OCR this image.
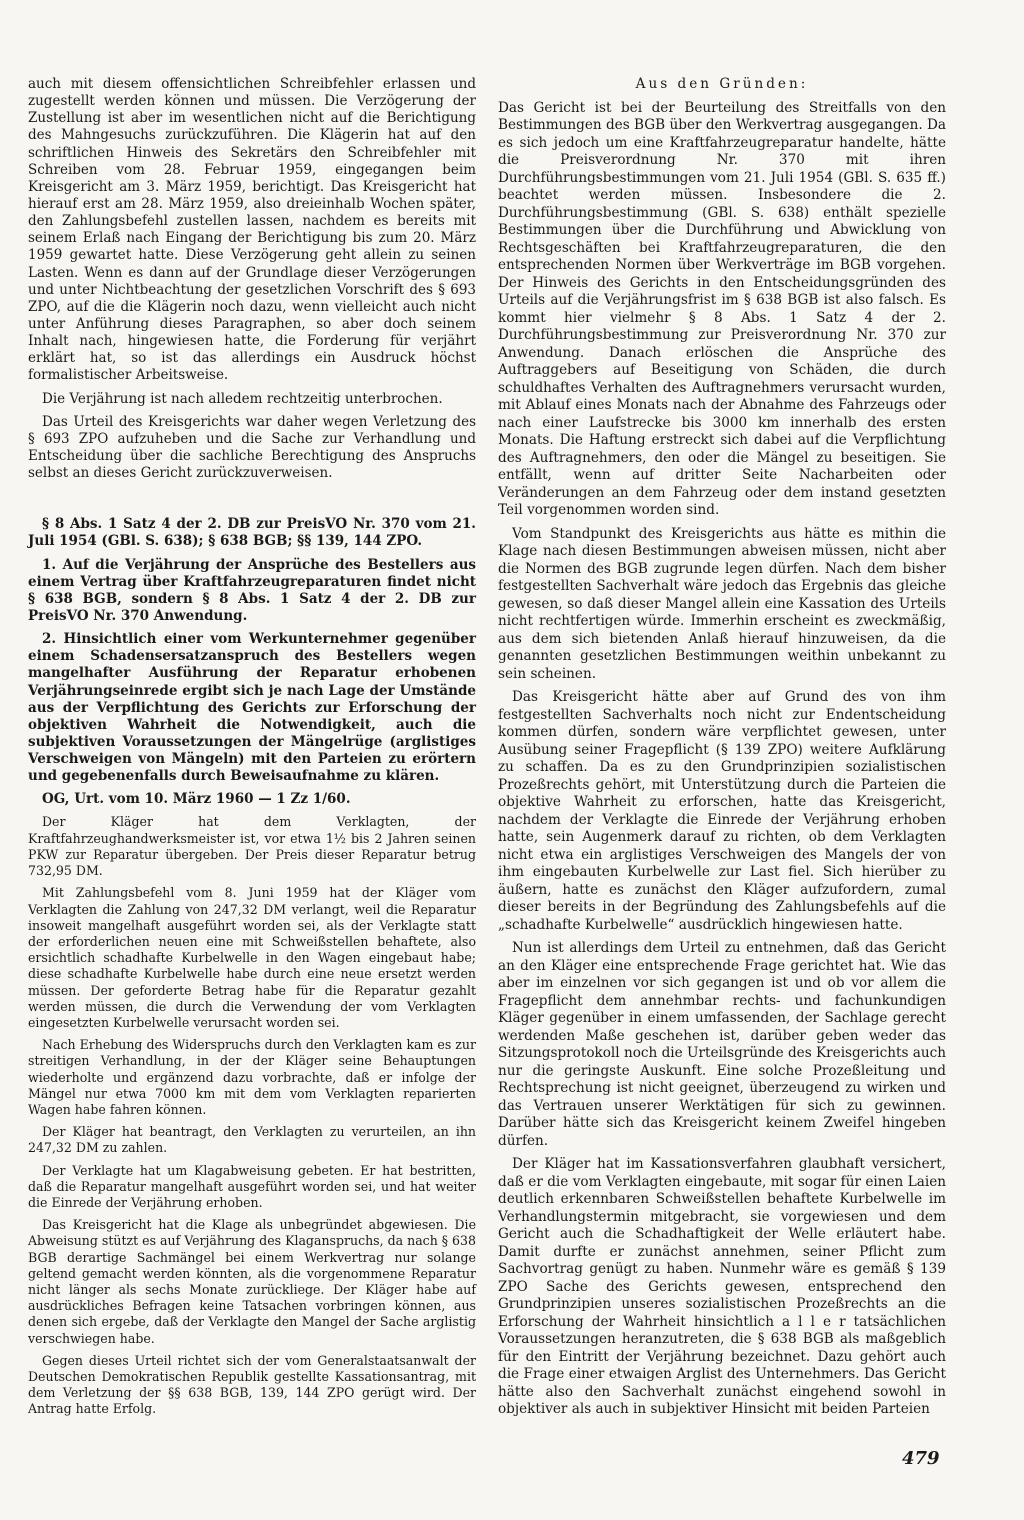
auch mit diesem offensichtlichen Schreibfehler erlassen und zugestellt werden können und müssen. Die Verzögerung der Zustellung ist aber im wesentlichen nicht auf die Berichtigung des Mahngesuchs zurückzuführen. Die Klägerin hat auf den schriftlichen Hinweis des Sekretärs den Schreibfehler mit Schreiben vom 28. Februar 1959, eingegangen beim Kreisgericht am 3. März 1959, berichtigt. Das Kreisgericht hat hierauf erst am 28. März 1959, also dreieinhalb Wochen später, den Zahlungsbefehl zustellen lassen, nachdem es bereits mit seinem Erlaß nach Eingang der Berichtigung bis zum 20. März 1959 gewartet hatte. Diese Verzögerung geht allein zu seinen Lasten. Wenn es dann auf der Grundlage dieser Verzögerungen und unter Nichtbeachtung der gesetzlichen Vorschrift des § 693 ZPO, auf die die Klägerin noch dazu, wenn vielleicht auch nicht unter Anführung dieses Paragraphen, so aber doch seinem Inhalt nach, hingewiesen hatte, die Forderung für verjährt erklärt hat, so ist das allerdings ein Ausdruck höchst formalistischer Arbeitsweise.

Die Verjährung ist nach alledem rechtzeitig unterbrochen.

Das Urteil des Kreisgerichts war daher wegen Verletzung des § 693 ZPO aufzuheben und die Sache zur Verhandlung und Entscheidung über die sachliche Berechtigung des Anspruchs selbst an dieses Gericht zurückzuverweisen.

§ 8 Abs. 1 Satz 4 der 2. DB zur PreisVO Nr. 370 vom 21. Juli 1954 (GBl. S. 638); § 638 BGB; §§ 139, 144 ZPO.

1. Auf die Verjährung der Ansprüche des Bestellers aus einem Vertrag über Kraftfahrzeugreparaturen findet nicht § 638 BGB, sondern § 8 Abs. 1 Satz 4 der 2. DB zur PreisVO Nr. 370 Anwendung.

2. Hinsichtlich einer vom Werkunternehmer gegenüber einem Schadensersatzanspruch des Bestellers wegen mangelhafter Ausführung der Reparatur erhobenen Verjährungseinrede ergibt sich je nach Lage der Umstände aus der Verpflichtung des Gerichts zur Erforschung der objektiven Wahrheit die Notwendigkeit, auch die subjektiven Voraussetzungen der Mängelrüge (arglistiges Verschweigen von Mängeln) mit den Parteien zu erörtern und gegebenenfalls durch Beweisaufnahme zu klären.

OG, Urt. vom 10. März 1960 — 1 Zz 1/60.

Der Kläger hat dem Verklagten, der Kraftfahrzeughandwerksmeister ist, vor etwa 1½ bis 2 Jahren seinen PKW zur Reparatur übergeben. Der Preis dieser Reparatur betrug 732,95 DM.

Mit Zahlungsbefehl vom 8. Juni 1959 hat der Kläger vom Verklagten die Zahlung von 247,32 DM verlangt, weil die Reparatur insoweit mangelhaft ausgeführt worden sei, als der Verklagte statt der erforderlichen neuen eine mit Schweißstellen behaftete, also ersichtlich schadhafte Kurbelwelle in den Wagen eingebaut habe; diese schadhafte Kurbelwelle habe durch eine neue ersetzt werden müssen. Der geforderte Betrag habe für die Reparatur gezahlt werden müssen, die durch die Verwendung der vom Verklagten eingesetzten Kurbelwelle verursacht worden sei.

Nach Erhebung des Widerspruchs durch den Verklagten kam es zur streitigen Verhandlung, in der der Kläger seine Behauptungen wiederholte und ergänzend dazu vorbrachte, daß er infolge der Mängel nur etwa 7000 km mit dem vom Verklagten reparierten Wagen habe fahren können.

Der Kläger hat beantragt, den Verklagten zu verurteilen, an ihn 247,32 DM zu zahlen.

Der Verklagte hat um Klagabweisung gebeten. Er hat bestritten, daß die Reparatur mangelhaft ausgeführt worden sei, und hat weiter die Einrede der Verjährung erhoben.

Das Kreisgericht hat die Klage als unbegründet abgewiesen. Die Abweisung stützt es auf Verjährung des Klaganspruchs, da nach § 638 BGB derartige Sachmängel bei einem Werkvertrag nur solange geltend gemacht werden könnten, als die vorgenommene Reparatur nicht länger als sechs Monate zurückliege. Der Kläger habe auf ausdrückliches Befragen keine Tatsachen vorbringen können, aus denen sich ergebe, daß der Verklagte den Mangel der Sache arglistig verschwiegen habe.

Gegen dieses Urteil richtet sich der vom Generalstaatsanwalt der Deutschen Demokratischen Republik gestellte Kassationsantrag, mit dem Verletzung der §§ 638 BGB, 139, 144 ZPO gerügt wird. Der Antrag hatte Erfolg.

Aus den Gründen:

Das Gericht ist bei der Beurteilung des Streitfalls von den Bestimmungen des BGB über den Werkvertrag ausgegangen. Da es sich jedoch um eine Kraftfahrzeugreparatur handelte, hätte die Preisverordnung Nr. 370 mit ihren Durchführungsbestimmungen vom 21. Juli 1954 (GBl. S. 635 ff.) beachtet werden müssen. Insbesondere die 2. Durchführungsbestimmung (GBl. S. 638) enthält spezielle Bestimmungen über die Durchführung und Abwicklung von Rechtsgeschäften bei Kraftfahrzeugreparaturen, die den entsprechenden Normen über Werkverträge im BGB vorgehen. Der Hinweis des Gerichts in den Entscheidungsgründen des Urteils auf die Verjährungsfrist im § 638 BGB ist also falsch. Es kommt hier vielmehr § 8 Abs. 1 Satz 4 der 2. Durchführungsbestimmung zur Preisverordnung Nr. 370 zur Anwendung. Danach erlöschen die Ansprüche des Auftraggebers auf Beseitigung von Schäden, die durch schuldhaftes Verhalten des Auftragnehmers verursacht wurden, mit Ablauf eines Monats nach der Abnahme des Fahrzeugs oder nach einer Laufstrecke bis 3000 km innerhalb des ersten Monats. Die Haftung erstreckt sich dabei auf die Verpflichtung des Auftragnehmers, den oder die Mängel zu beseitigen. Sie entfällt, wenn auf dritter Seite Nacharbeiten oder Veränderungen an dem Fahrzeug oder dem instand gesetzten Teil vorgenommen worden sind.

Vom Standpunkt des Kreisgerichts aus hätte es mithin die Klage nach diesen Bestimmungen abweisen müssen, nicht aber die Normen des BGB zugrunde legen dürfen. Nach dem bisher festgestellten Sachverhalt wäre jedoch das Ergebnis das gleiche gewesen, so daß dieser Mangel allein eine Kassation des Urteils nicht rechtfertigen würde. Immerhin erscheint es zweckmäßig, aus dem sich bietenden Anlaß hierauf hinzuweisen, da die genannten gesetzlichen Bestimmungen weithin unbekannt zu sein scheinen.

Das Kreisgericht hätte aber auf Grund des von ihm festgestellten Sachverhalts noch nicht zur Endentscheidung kommen dürfen, sondern wäre verpflichtet gewesen, unter Ausübung seiner Fragepflicht (§ 139 ZPO) weitere Aufklärung zu schaffen. Da es zu den Grundprinzipien sozialistischen Prozeßrechts gehört, mit Unterstützung durch die Parteien die objektive Wahrheit zu erforschen, hatte das Kreisgericht, nachdem der Verklagte die Einrede der Verjährung erhoben hatte, sein Augenmerk darauf zu richten, ob dem Verklagten nicht etwa ein arglistiges Verschweigen des Mangels der von ihm eingebauten Kurbelwelle zur Last fiel. Sich hierüber zu äußern, hatte es zunächst den Kläger aufzufordern, zumal dieser bereits in der Begründung des Zahlungsbefehls auf die „schadhafte Kurbelwelle“ ausdrücklich hingewiesen hatte.

Nun ist allerdings dem Urteil zu entnehmen, daß das Gericht an den Kläger eine entsprechende Frage gerichtet hat. Wie das aber im einzelnen vor sich gegangen ist und ob vor allem die Fragepflicht dem annehmbar rechts- und fachunkundigen Kläger gegenüber in einem umfassenden, der Sachlage gerecht werdenden Maße geschehen ist, darüber geben weder das Sitzungsprotokoll noch die Urteilsgründe des Kreisgerichts auch nur die geringste Auskunft. Eine solche Prozeßleitung und Rechtsprechung ist nicht geeignet, überzeugend zu wirken und das Vertrauen unserer Werktätigen für sich zu gewinnen. Darüber hätte sich das Kreisgericht keinem Zweifel hingeben dürfen.

Der Kläger hat im Kassationsverfahren glaubhaft versichert, daß er die vom Verklagten eingebaute, mit sogar für einen Laien deutlich erkennbaren Schweißstellen behaftete Kurbelwelle im Verhandlungstermin mitgebracht, sie vorgewiesen und dem Gericht auch die Schadhaftigkeit der Welle erläutert habe. Damit durfte er zunächst annehmen, seiner Pflicht zum Sachvortrag genügt zu haben. Nunmehr wäre es gemäß § 139 ZPO Sache des Gerichts gewesen, entsprechend den Grundprinzipien unseres sozialistischen Prozeßrechts an die Erforschung der Wahrheit hinsichtlich a l l e r tatsächlichen Voraussetzungen heranzutreten, die § 638 BGB als maßgeblich für den Eintritt der Verjährung bezeichnet. Dazu gehört auch die Frage einer etwaigen Arglist des Unternehmers. Das Gericht hätte also den Sachverhalt zunächst eingehend sowohl in objektiver als auch in subjektiver Hinsicht mit beiden Parteien

479
